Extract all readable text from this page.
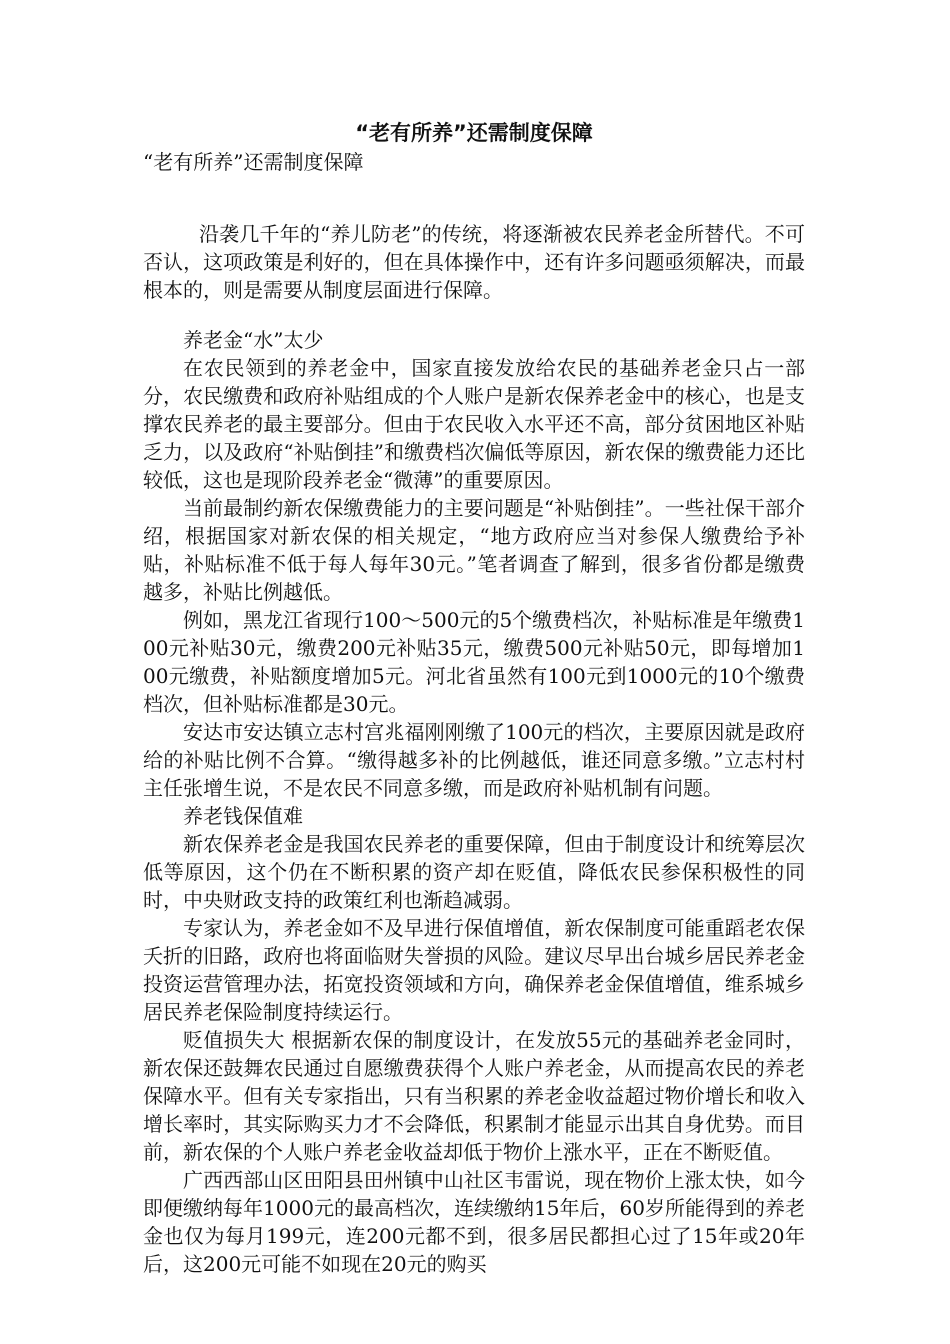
“老有所养”还需制度保障

“老有所养”还需制度保障

沿袭几千年的“养儿防老”的传统，将逐渐被农民养老金所替代。不可否认，这项政策是利好的，但在具体操作中，还有许多问题亟须解决，而最根本的，则是需要从制度层面进行保障。

养老金“水”太少

在农民领到的养老金中，国家直接发放给农民的基础养老金只占一部分，农民缴费和政府补贴组成的个人账户是新农保养老金中的核心，也是支撑农民养老的最主要部分。但由于农民收入水平还不高，部分贫困地区补贴乏力，以及政府“补贴倒挂”和缴费档次偏低等原因，新农保的缴费能力还比较低，这也是现阶段养老金“微薄”的重要原因。

当前最制约新农保缴费能力的主要问题是“补贴倒挂”。一些社保干部介绍，根据国家对新农保的相关规定，“地方政府应当对参保人缴费给予补贴，补贴标准不低于每人每年30元。”笔者调查了解到，很多省份都是缴费越多，补贴比例越低。

例如，黑龙江省现行100～500元的5个缴费档次，补贴标准是年缴费100元补贴30元，缴费200元补贴35元，缴费500元补贴50元，即每增加100元缴费，补贴额度增加5元。河北省虽然有100元到1000元的10个缴费档次，但补贴标准都是30元。

安达市安达镇立志村宫兆福刚刚缴了100元的档次，主要原因就是政府给的补贴比例不合算。“缴得越多补的比例越低，谁还同意多缴。”立志村村主任张增生说，不是农民不同意多缴，而是政府补贴机制有问题。

养老钱保值难

新农保养老金是我国农民养老的重要保障，但由于制度设计和统筹层次低等原因，这个仍在不断积累的资产却在贬值，降低农民参保积极性的同时，中央财政支持的政策红利也渐趋减弱。

专家认为，养老金如不及早进行保值增值，新农保制度可能重蹈老农保夭折的旧路，政府也将面临财失誉损的风险。建议尽早出台城乡居民养老金投资运营管理办法，拓宽投资领域和方向，确保养老金保值增值，维系城乡居民养老保险制度持续运行。

贬值损失大 根据新农保的制度设计，在发放55元的基础养老金同时，新农保还鼓舞农民通过自愿缴费获得个人账户养老金，从而提高农民的养老保障水平。但有关专家指出，只有当积累的养老金收益超过物价增长和收入增长率时，其实际购买力才不会降低，积累制才能显示出其自身优势。而目前，新农保的个人账户养老金收益却低于物价上涨水平，正在不断贬值。

广西西部山区田阳县田州镇中山社区韦雷说，现在物价上涨太快，如今即便缴纳每年1000元的最高档次，连续缴纳15年后，60岁所能得到的养老金也仅为每月199元，连200元都不到，很多居民都担心过了15年或20年后，这200元可能不如现在20元的购买
